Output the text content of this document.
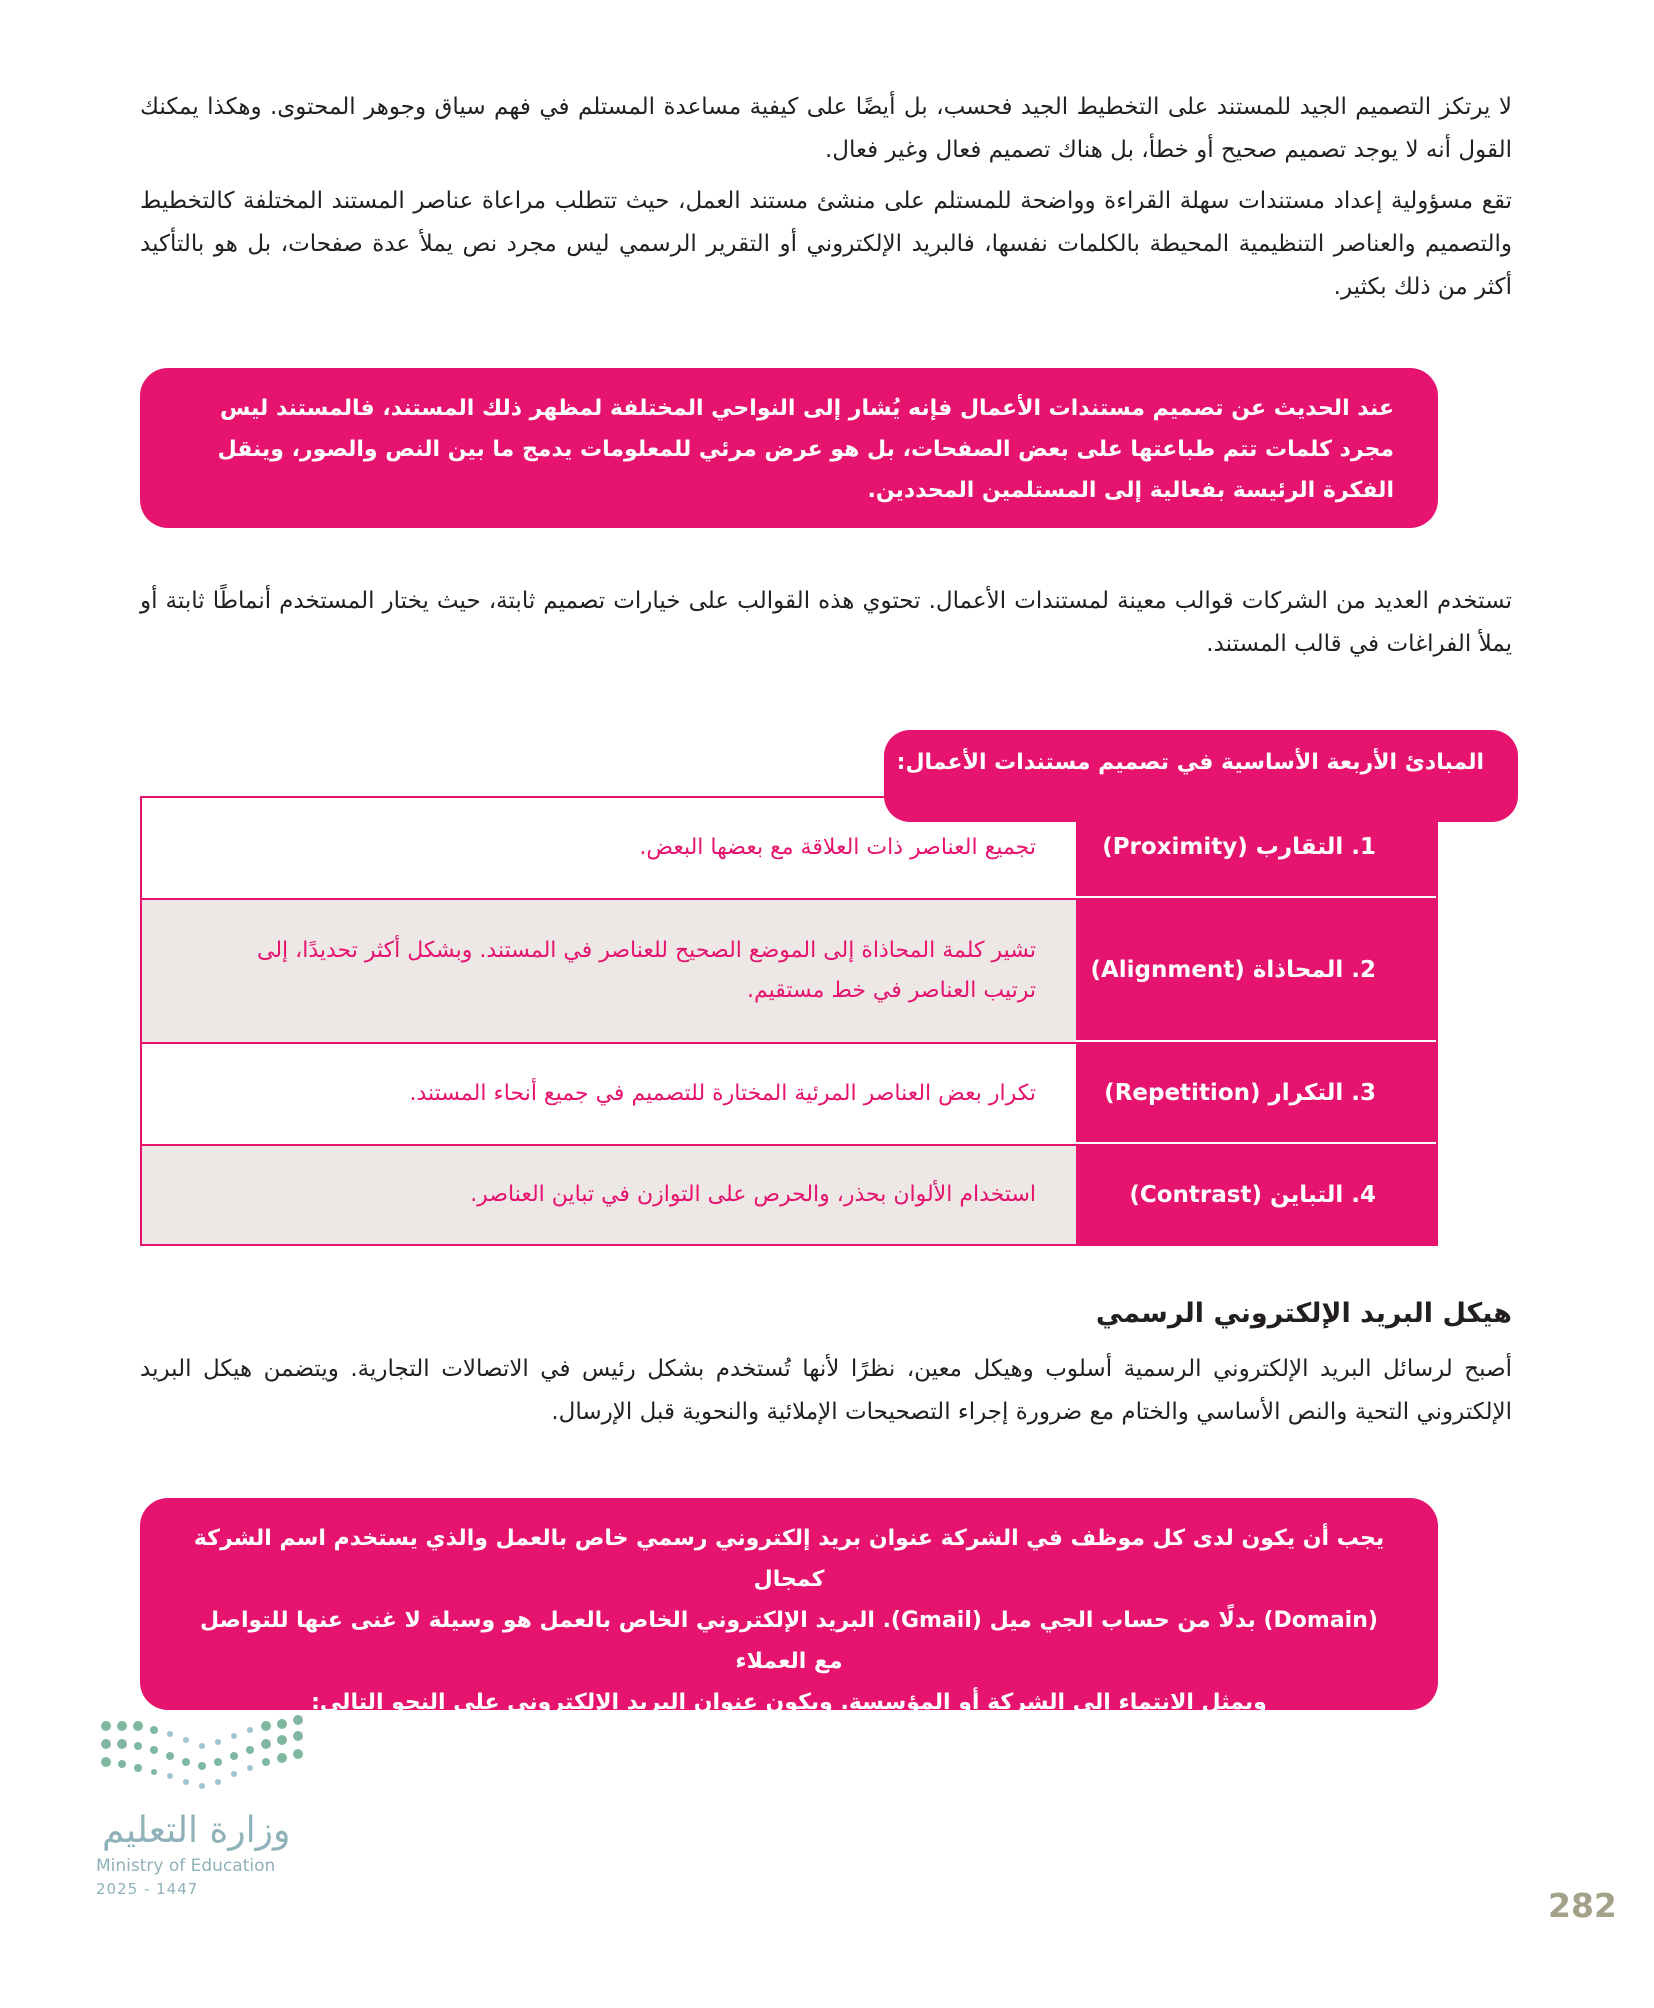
لا يرتكز التصميم الجيد للمستند على التخطيط الجيد فحسب، بل أيضًا على كيفية مساعدة المستلم في فهم سياق وجوهر المحتوى. وهكذا يمكنك القول أنه لا يوجد تصميم صحيح أو خطأ، بل هناك تصميم فعال وغير فعال.

تقع مسؤولية إعداد مستندات سهلة القراءة وواضحة للمستلم على منشئ مستند العمل، حيث تتطلب مراعاة عناصر المستند المختلفة كالتخطيط والتصميم والعناصر التنظيمية المحيطة بالكلمات نفسها، فالبريد الإلكتروني أو التقرير الرسمي ليس مجرد نص يملأ عدة صفحات، بل هو بالتأكيد أكثر من ذلك بكثير.

عند الحديث عن تصميم مستندات الأعمال فإنه يُشار إلى النواحي المختلفة لمظهر ذلك المستند، فالمستند ليس مجرد كلمات تتم طباعتها على بعض الصفحات، بل هو عرض مرئي للمعلومات يدمج ما بين النص والصور، وينقل الفكرة الرئيسة بفعالية إلى المستلمين المحددين.

تستخدم العديد من الشركات قوالب معينة لمستندات الأعمال. تحتوي هذه القوالب على خيارات تصميم ثابتة، حيث يختار المستخدم أنماطًا ثابتة أو يملأ الفراغات في قالب المستند.

المبادئ الأربعة الأساسية في تصميم مستندات الأعمال:
1. التقارب (Proximity)
تجميع العناصر ذات العلاقة مع بعضها البعض.
2. المحاذاة (Alignment)
تشير كلمة المحاذاة إلى الموضع الصحيح للعناصر في المستند. وبشكل أكثر تحديدًا، إلى ترتيب العناصر في خط مستقيم.
3. التكرار (Repetition)
تكرار بعض العناصر المرئية المختارة للتصميم في جميع أنحاء المستند.
4. التباين (Contrast)
استخدام الألوان بحذر، والحرص على التوازن في تباين العناصر.
هيكل البريد الإلكتروني الرسمي

أصبح لرسائل البريد الإلكتروني الرسمية أسلوب وهيكل معين، نظرًا لأنها تُستخدم بشكل رئيس في الاتصالات التجارية. ويتضمن هيكل البريد الإلكتروني التحية والنص الأساسي والختام مع ضرورة إجراء التصحيحات الإملائية والنحوية قبل الإرسال.

يجب أن يكون لدى كل موظف في الشركة عنوان بريد إلكتروني رسمي خاص بالعمل والذي يستخدم اسم الشركة كمجال
(Domain) بدلًا من حساب الجي ميل (Gmail). البريد الإلكتروني الخاص بالعمل هو وسيلة لا غنى عنها للتواصل مع العملاء
ويمثل الانتماء إلى الشركة أو المؤسسة. ويكون عنوان البريد الإلكتروني على النحو التالي:
[الاسم واللقب] @ [اسم الشركة كمجال] . [namesurname]@[companydomain.net].
وزارة التعليم
Ministry of Education
2025 - 1447	282
